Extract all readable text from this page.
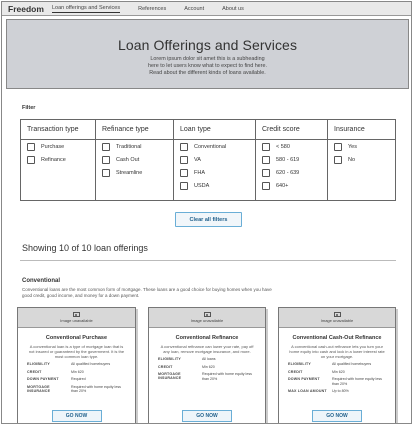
Freedom	Loan offerings and Services	References	Account	About us
Loan Offerings and Services
Lorem ipsum dolor sit amet this is a subheading
here to let users know what to expect to find here.
Read about the different kinds of loans available.
Filter
Transaction type
Purchase
Refinance
Refinance type
Traditional
Cash Out
Streamline
Loan type
Conventional
VA
FHA
USDA
Credit score
< 580
580 - 619
620 - 639
640+
Insurance
Yes
No
Clear all filters
Showing 10 of 10 loan offerings
Conventional
Conventional loans are the most common form of mortgage. These loans are a good choice for buying homes when you have good credit, good income, and money for a down payment.
Image unavailable
Conventional Purchase
A conventional loan is a type of mortgage loan that is not insured or guaranteed by the government. It is the most common loan type.
ELIGIBILITY	All qualified homebuyers
CREDIT	Min 620
DOWN PAYMENT	Required
MORTGAGE INSURANCE
Required with home equity less than 20%
GO NOW
Image unavailable
Conventional Refinance
A conventional refinance can lower your rate, pay off any loan, remove mortgage insurance, and more.
ELIGIBILITY	All loans
CREDIT	Min 620
MORTGAGE INSURANCE
Required with home equity less than 20%
GO NOW
Image unavailable
Conventional Cash-Out Refinance
A conventional cash-out refinance lets you turn your home equity into cash and lock in a lower interest rate on your mortgage.
ELIGIBILITY	All qualified homebuyers
CREDIT	Min 620
DOWN PAYMENT	Required with home equity less than 20%
MAX LOAN AMOUNT	Up to 80%
GO NOW
